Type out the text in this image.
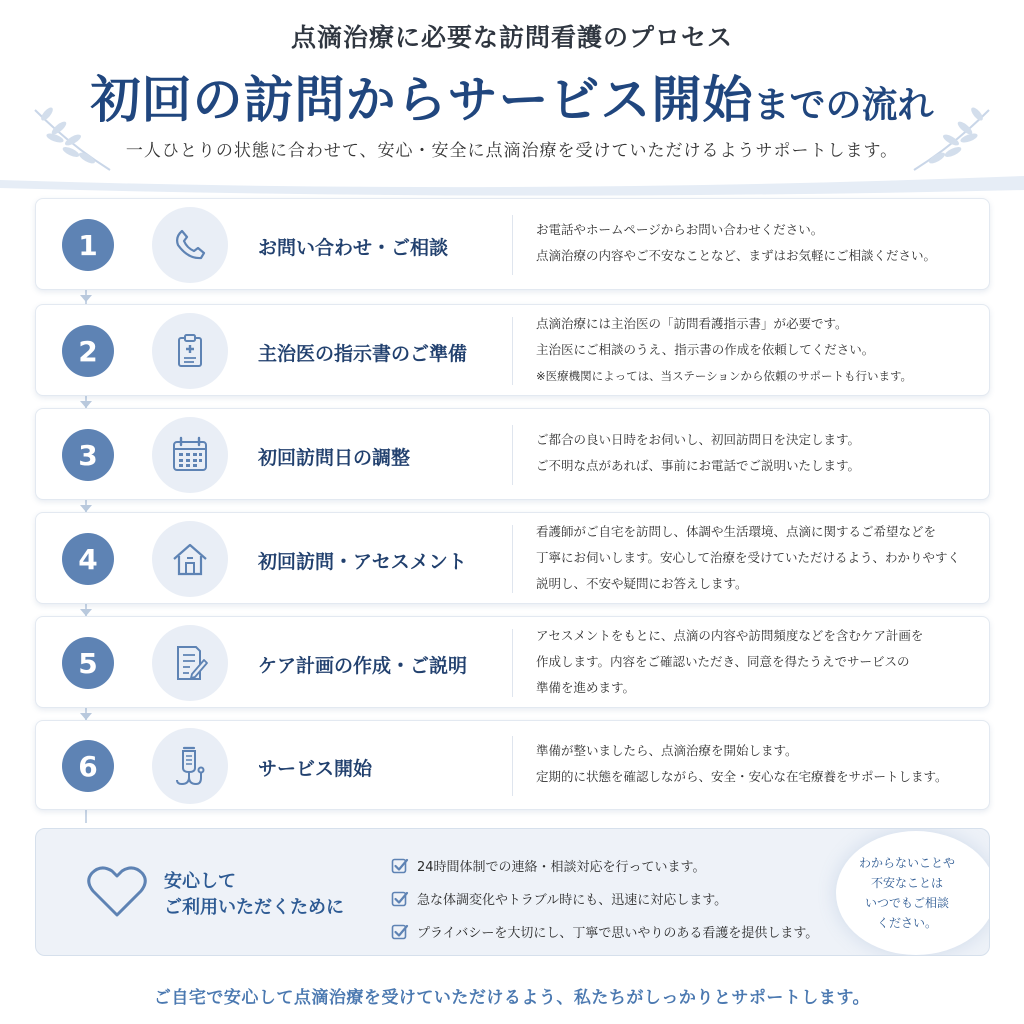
点滴治療に必要な訪問看護のプロセス
初回の訪問からサービス開始までの流れ
一人ひとりの状態に合わせて、安心・安全に点滴治療を受けていただけるようサポートします。
1	お問い合わせ・ご相談
お電話やホームページからお問い合わせください。
点滴治療の内容やご不安なことなど、まずはお気軽にご相談ください。
2	主治医の指示書のご準備
点滴治療には主治医の「訪問看護指示書」が必要です。
主治医にご相談のうえ、指示書の作成を依頼してください。
※医療機関によっては、当ステーションから依頼のサポートも行います。
3	初回訪問日の調整
ご都合の良い日時をお伺いし、初回訪問日を決定します。
ご不明な点があれば、事前にお電話でご説明いたします。
4	初回訪問・アセスメント
看護師がご自宅を訪問し、体調や生活環境、点滴に関するご希望などを
丁寧にお伺いします。安心して治療を受けていただけるよう、わかりやすく
説明し、不安や疑問にお答えします。
5	ケア計画の作成・ご説明
アセスメントをもとに、点滴の内容や訪問頻度などを含むケア計画を
作成します。内容をご確認いただき、同意を得たうえでサービスの
準備を進めます。
6	サービス開始
準備が整いましたら、点滴治療を開始します。
定期的に状態を確認しながら、安全・安心な在宅療養をサポートします。
安心して
ご利用いただくために
24時間体制での連絡・相談対応を行っています。
急な体調変化やトラブル時にも、迅速に対応します。
プライバシーを大切にし、丁寧で思いやりのある看護を提供します。
わからないことや
不安なことは
いつでもご相談
ください。
ご自宅で安心して点滴治療を受けていただけるよう、私たちがしっかりとサポートします。
